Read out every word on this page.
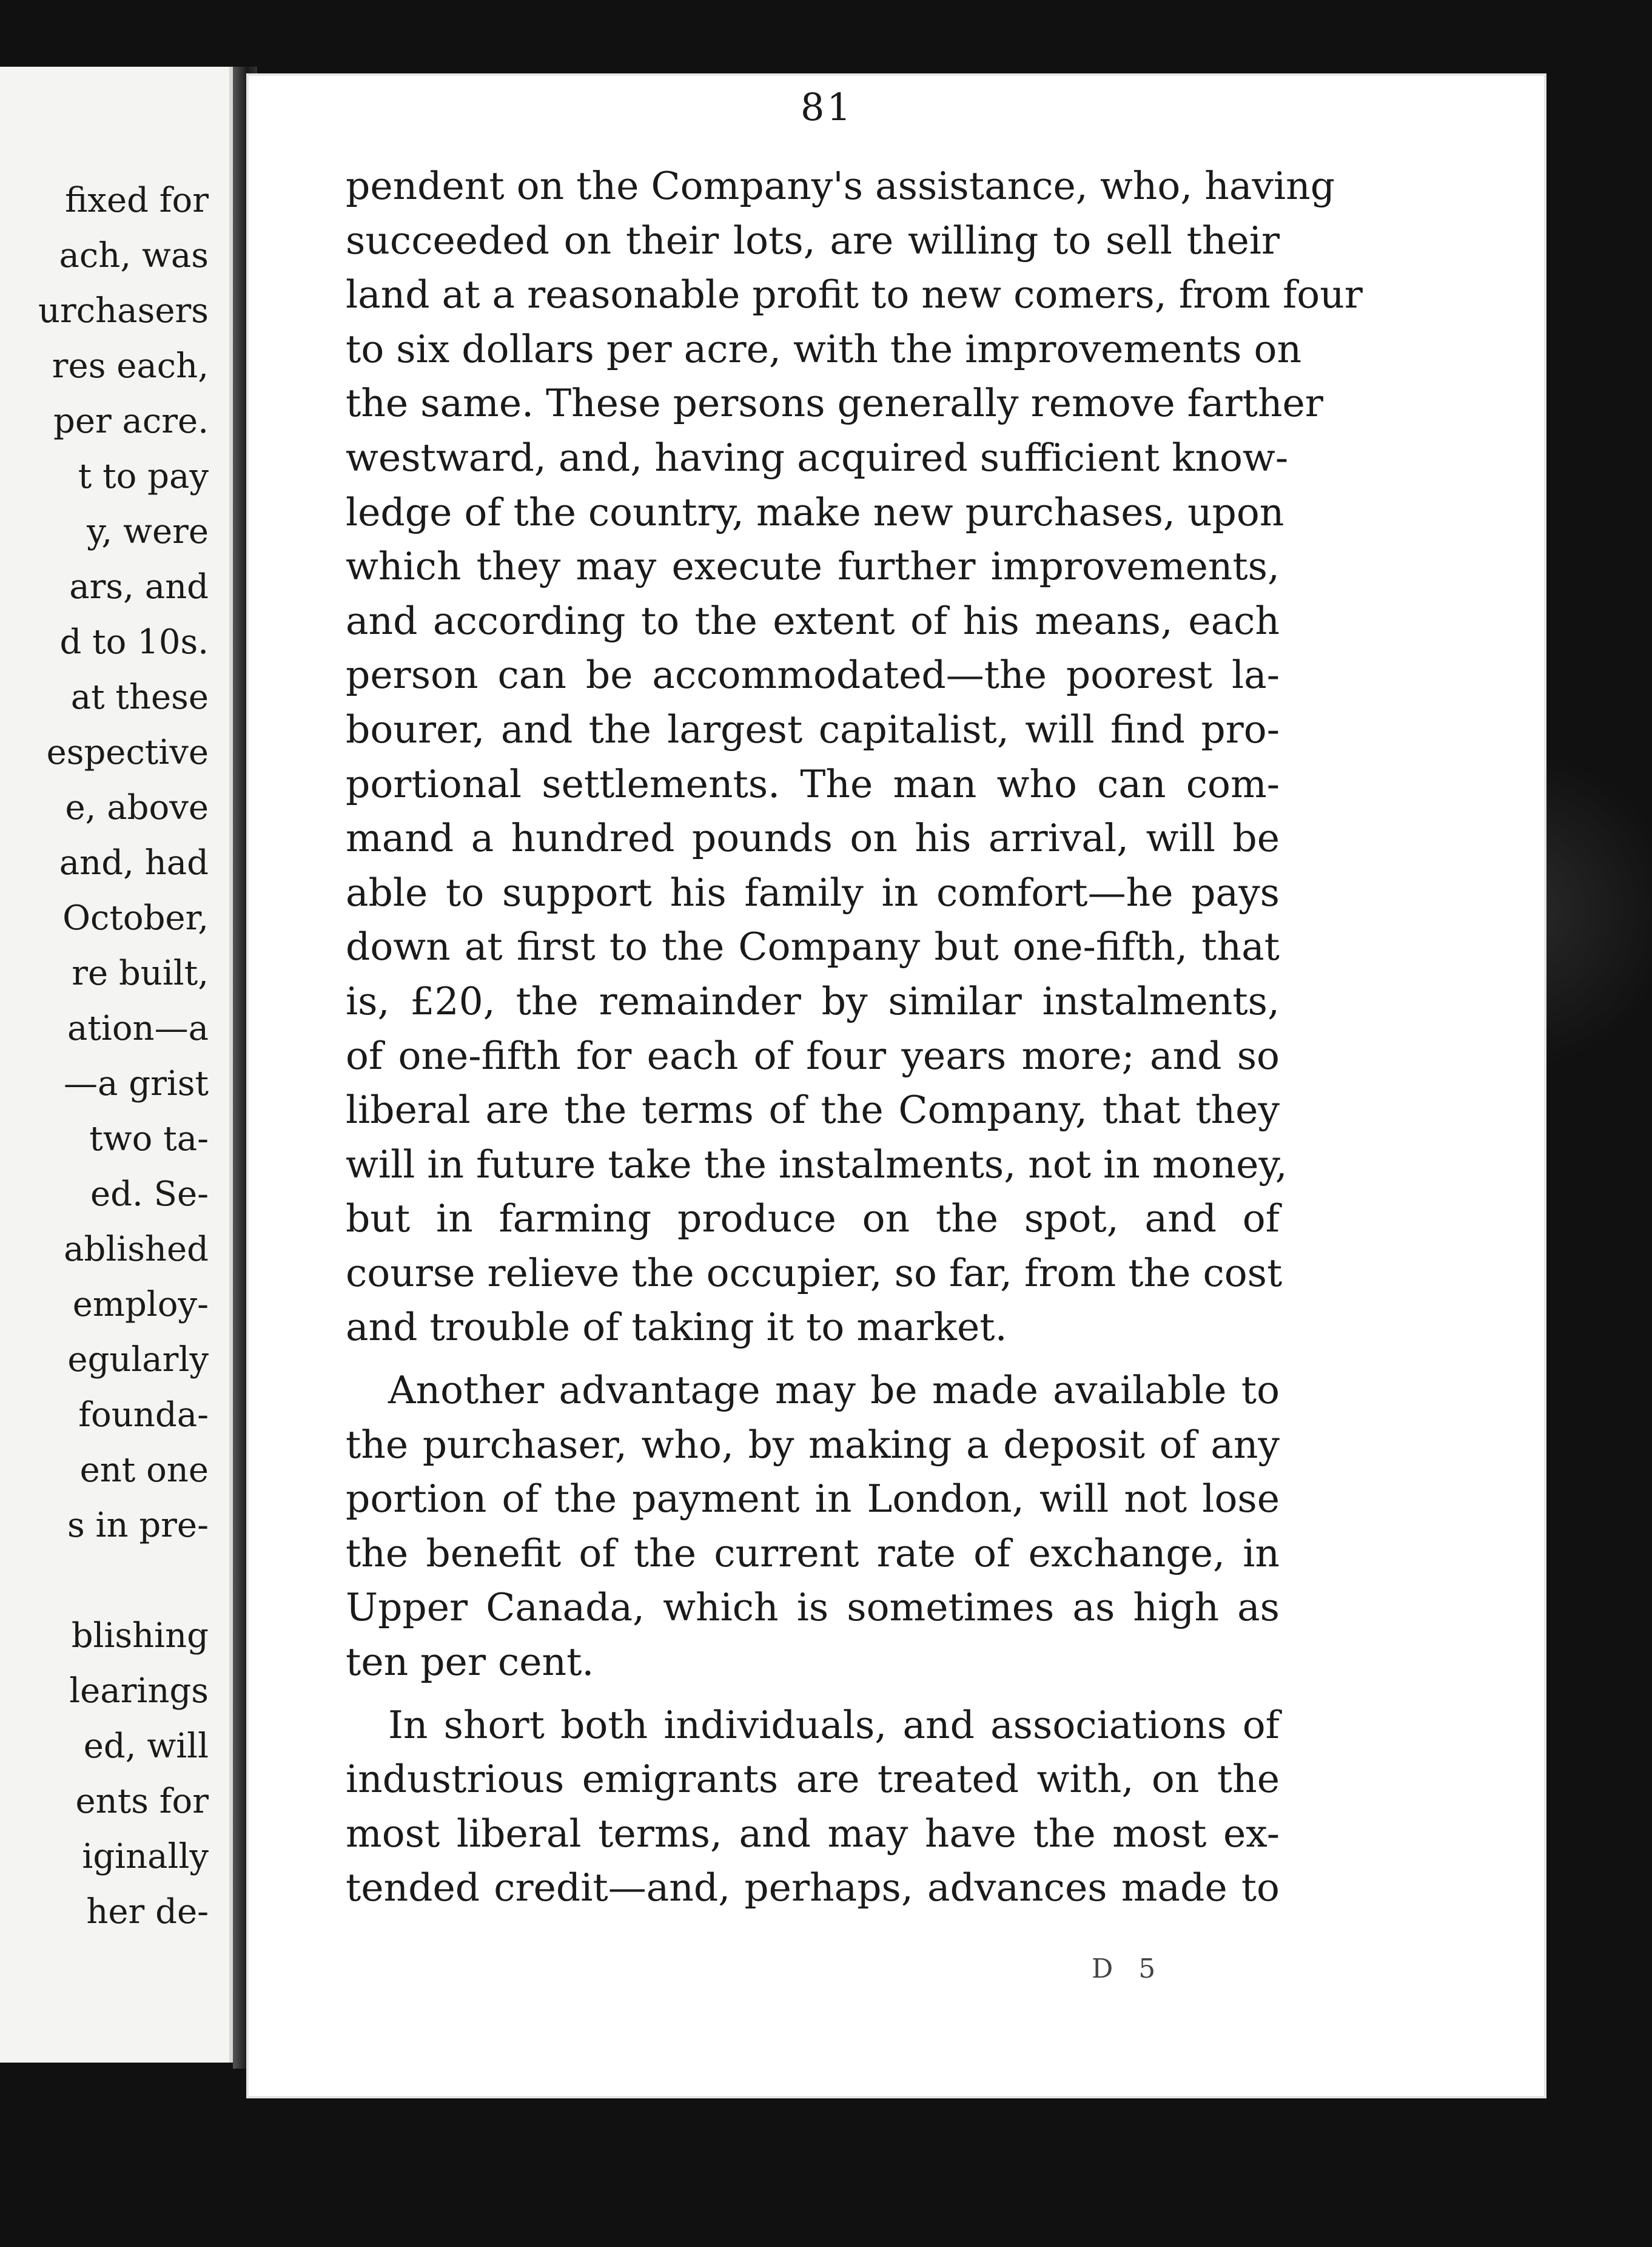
fixed for
ach, was
urchasers
res each,
per acre.
t to pay
y, were
ars, and
d to 10s.
at these
espective
e, above
and, had
October,
re built,
ation—a
—a grist
two ta-
ed. Se-
ablished
employ-
egularly
founda-
ent one
s in pre-
blishing
learings
ed, will
ents for
iginally
her de-
81
pendent on the Company's assistance, who, having
succeeded on their lots, are willing to sell their
land at a reasonable profit to new comers, from four
to six dollars per acre, with the improvements on
the same. These persons generally remove farther
westward, and, having acquired sufficient know-
ledge of the country, make new purchases, upon
which they may execute further improvements,
and according to the extent of his means, each
person can be accommodated—the poorest la-
bourer, and the largest capitalist, will find pro-
portional settlements. The man who can com-
mand a hundred pounds on his arrival, will be
able to support his family in comfort—he pays
down at first to the Company but one-fifth, that
is, £20, the remainder by similar instalments,
of one-fifth for each of four years more; and so
liberal are the terms of the Company, that they
will in future take the instalments, not in money,
but in farming produce on the spot, and of
course relieve the occupier, so far, from the cost
and trouble of taking it to market.
Another advantage may be made available to
the purchaser, who, by making a deposit of any
portion of the payment in London, will not lose
the benefit of the current rate of exchange, in
Upper Canada, which is sometimes as high as
ten per cent.
In short both individuals, and associations of
industrious emigrants are treated with, on the
most liberal terms, and may have the most ex-
tended credit—and, perhaps, advances made to
D 5
